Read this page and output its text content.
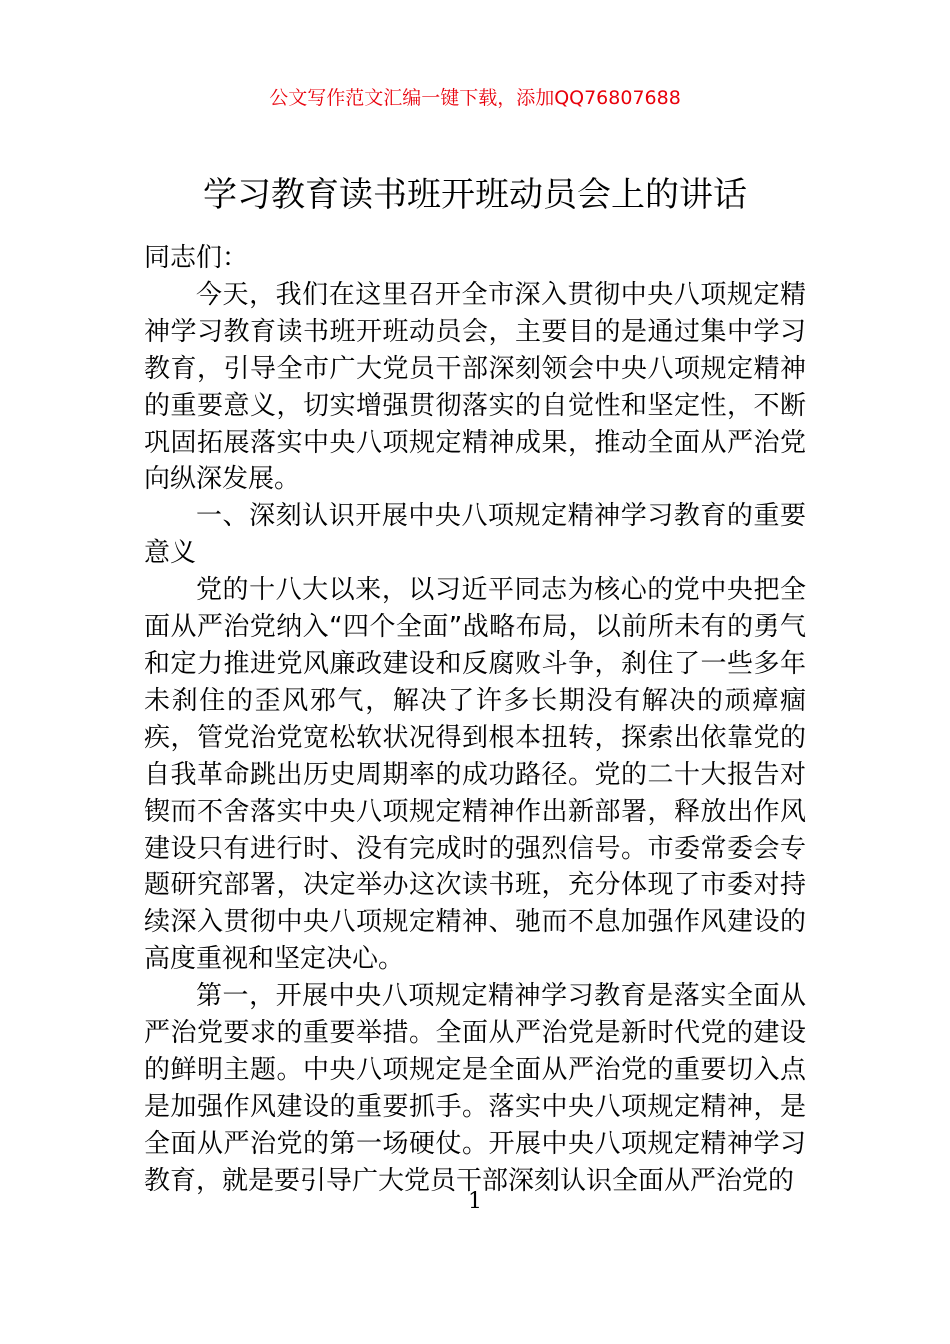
公文写作范文汇编一键下载，添加QQ76807688
学习教育读书班开班动员会上的讲话

同志们：

今天，我们在这里召开全市深入贯彻中央八项规定精神学习教育读书班开班动员会，主要目的是通过集中学习教育，引导全市广大党员干部深刻领会中央八项规定精神的重要意义，切实增强贯彻落实的自觉性和坚定性，不断巩固拓展落实中央八项规定精神成果，推动全面从严治党向纵深发展。

一、深刻认识开展中央八项规定精神学习教育的重要意义

党的十八大以来，以习近平同志为核心的党中央把全面从严治党纳入“四个全面”战略布局，以前所未有的勇气和定力推进党风廉政建设和反腐败斗争，刹住了一些多年未刹住的歪风邪气，解决了许多长期没有解决的顽瘴痼疾，管党治党宽松软状况得到根本扭转，探索出依靠党的自我革命跳出历史周期率的成功路径。党的二十大报告对锲而不舍落实中央八项规定精神作出新部署，释放出作风建设只有进行时、没有完成时的强烈信号。市委常委会专题研究部署，决定举办这次读书班，充分体现了市委对持续深入贯彻中央八项规定精神、驰而不息加强作风建设的高度重视和坚定决心。

第一，开展中央八项规定精神学习教育是落实全面从严治党要求的重要举措。全面从严治党是新时代党的建设的鲜明主题。中央八项规定是全面从严治党的重要切入点是加强作风建设的重要抓手。落实中央八项规定精神，是全面从严治党的第一场硬仗。开展中央八项规定精神学习教育，就是要引导广大党员干部深刻认识全面从严治党的

1
